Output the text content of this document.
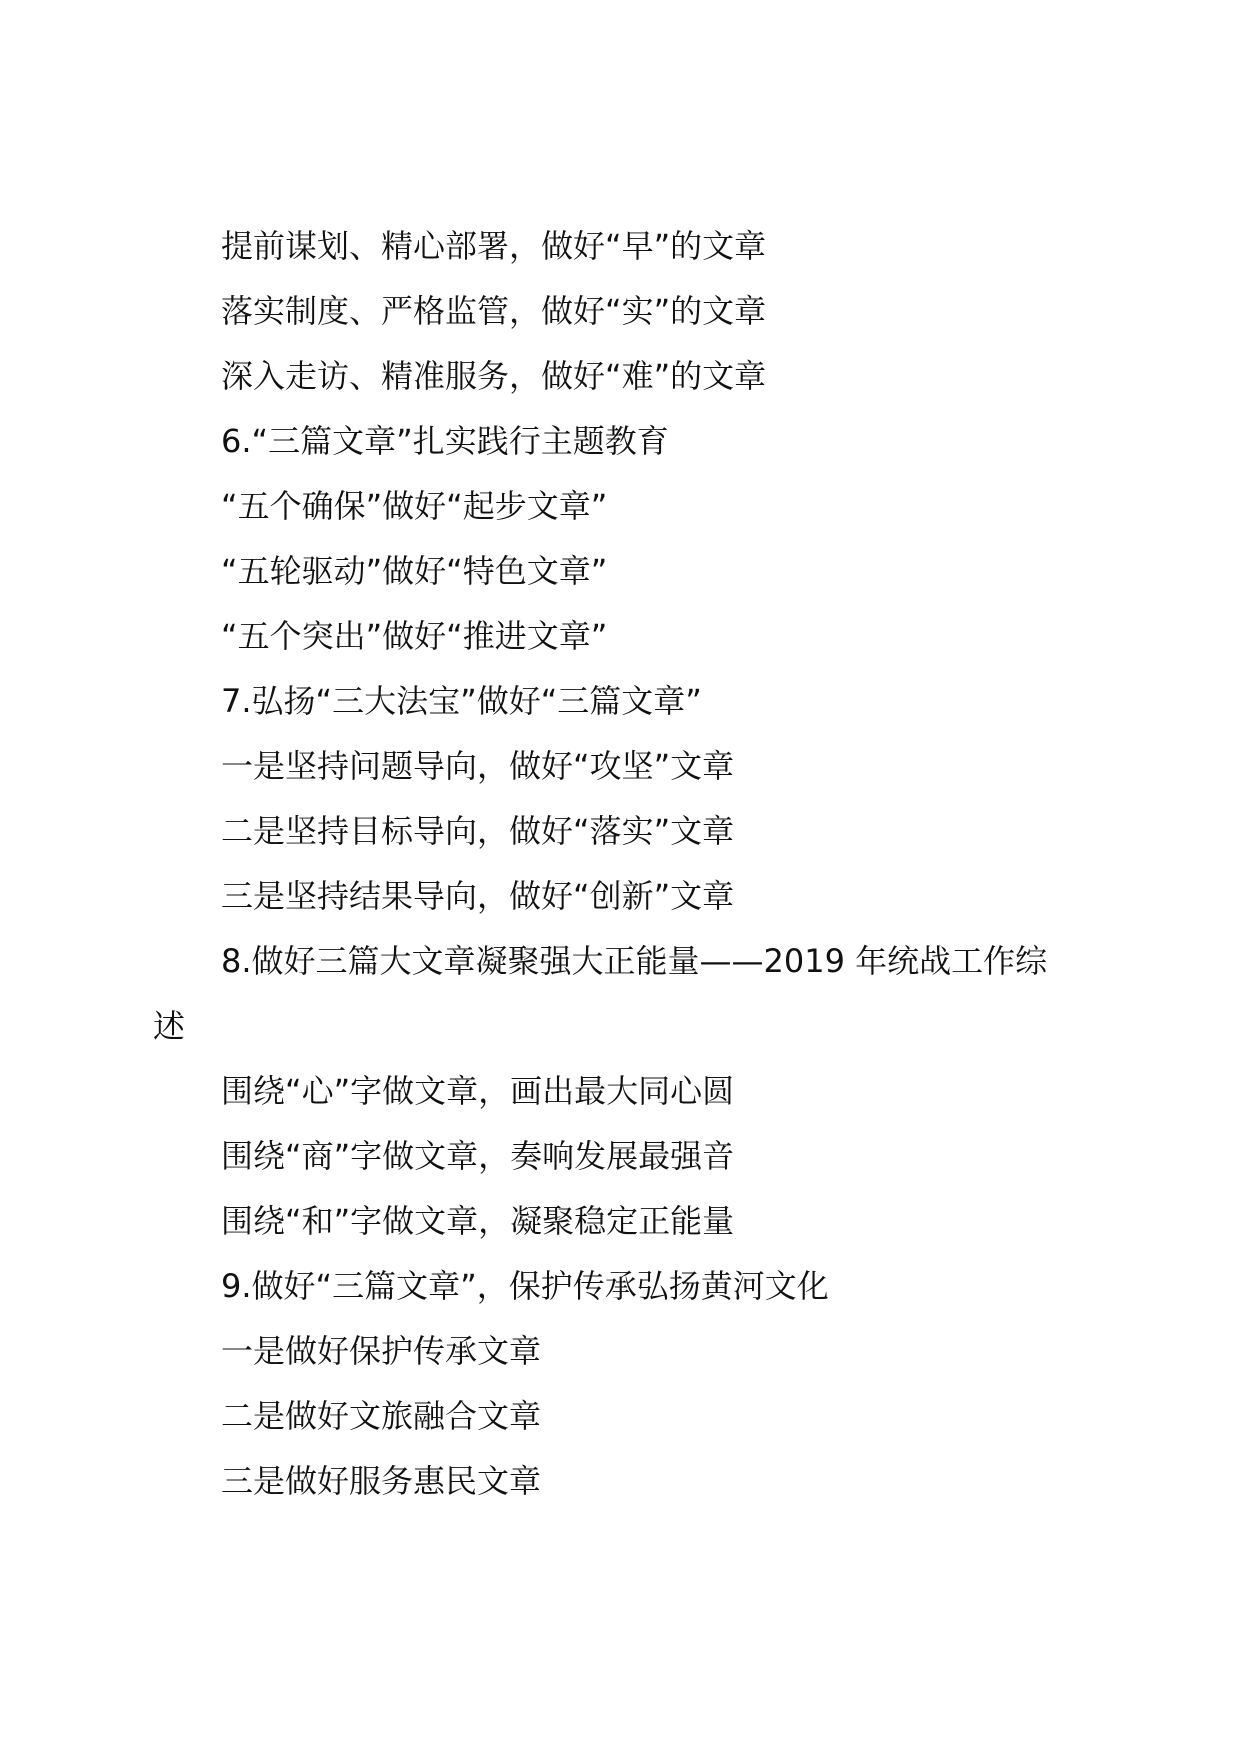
提前谋划、精心部署，做好“早”的文章

落实制度、严格监管，做好“实”的文章

深入走访、精准服务，做好“难”的文章

6.“三篇文章”扎实践行主题教育

“五个确保”做好“起步文章”

“五轮驱动”做好“特色文章”

“五个突出”做好“推进文章”

7.弘扬“三大法宝”做好“三篇文章”

一是坚持问题导向，做好“攻坚”文章

二是坚持目标导向，做好“落实”文章

三是坚持结果导向，做好“创新”文章

8.做好三篇大文章凝聚强大正能量——2019 年统战工作综

述

围绕“心”字做文章，画出最大同心圆

围绕“商”字做文章，奏响发展最强音

围绕“和”字做文章，凝聚稳定正能量

9.做好“三篇文章”，保护传承弘扬黄河文化

一是做好保护传承文章

二是做好文旅融合文章

三是做好服务惠民文章
